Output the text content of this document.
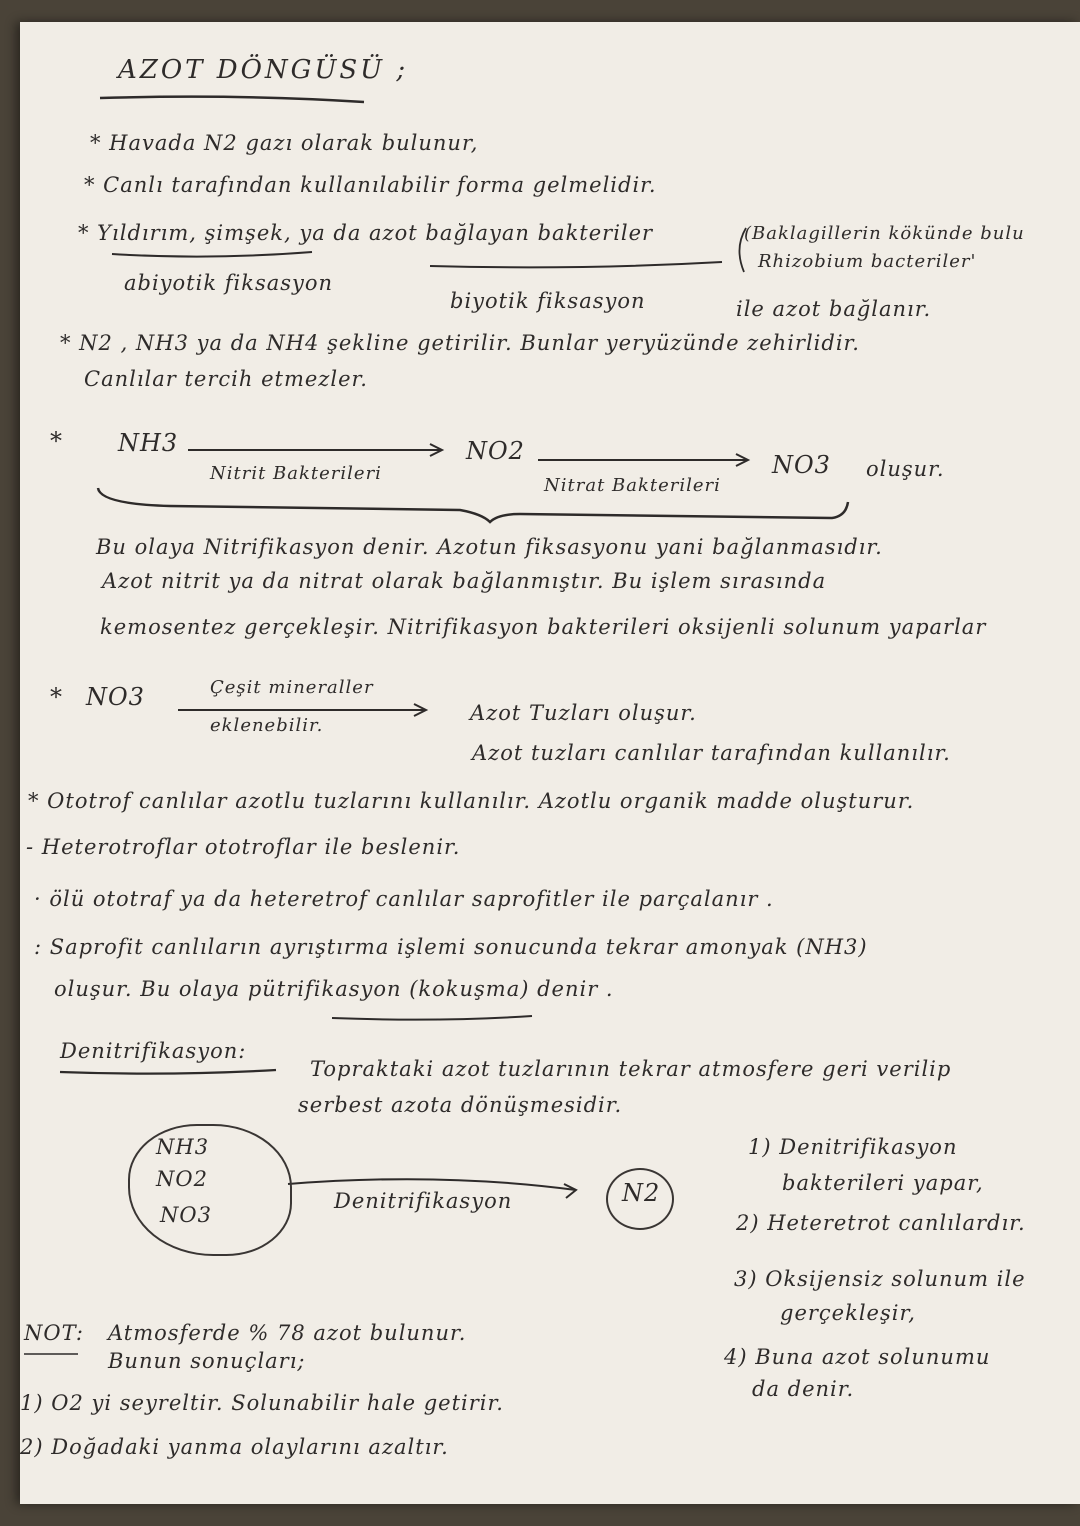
AZOT DÖNGÜSÜ ;
* Havada N2 gazı olarak bulunur,
* Canlı tarafından kullanılabilir forma gelmelidir.
* Yıldırım, şimşek, ya da azot bağlayan bakteriler	(Baklagillerin kökünde bulu
Rhizobium bacteriler'
abiyotik fiksasyon
biyotik fiksasyon	ile azot bağlanır.
* N2 , NH3 ya da NH4 şekline getirilir. Bunlar yeryüzünde zehirlidir.
Canlılar tercih etmezler.
* NH3
Nitrit Bakterileri
NO2
Nitrat Bakterileri
NO3 oluşur.
Bu olaya Nitrifikasyon denir. Azotun fiksasyonu yani bağlanmasıdır.
Azot nitrit ya da nitrat olarak bağlanmıştır. Bu işlem sırasında
kemosentez gerçekleşir. Nitrifikasyon bakterileri oksijenli solunum yaparlar
* NO3	Çeşit mineraller
eklenebilir.
Azot Tuzları oluşur.
Azot tuzları canlılar tarafından kullanılır.
* Ototrof canlılar azotlu tuzlarını kullanılır. Azotlu organik madde oluşturur.
- Heterotroflar ototroflar ile beslenir.
· ölü ototraf ya da heteretrof canlılar saprofitler ile parçalanır .
: Saprofit canlıların ayrıştırma işlemi sonucunda tekrar amonyak (NH3)
oluşur. Bu olaya pütrifikasyon (kokuşma) denir .
Denitrifikasyon:
Topraktaki azot tuzlarının tekrar atmosfere geri verilip
serbest azota dönüşmesidir.
NH3
NO2
NO3
Denitrifikasyon	N2
1) Denitrifikasyon
bakterileri yapar,
2) Heteretrot canlılardır.
3) Oksijensiz solunum ile
gerçekleşir,
4) Buna azot solunumu
da denir.
NOT: Atmosferde % 78 azot bulunur.
Bunun sonuçları;
1) O2 yi seyreltir. Solunabilir hale getirir.
2) Doğadaki yanma olaylarını azaltır.
